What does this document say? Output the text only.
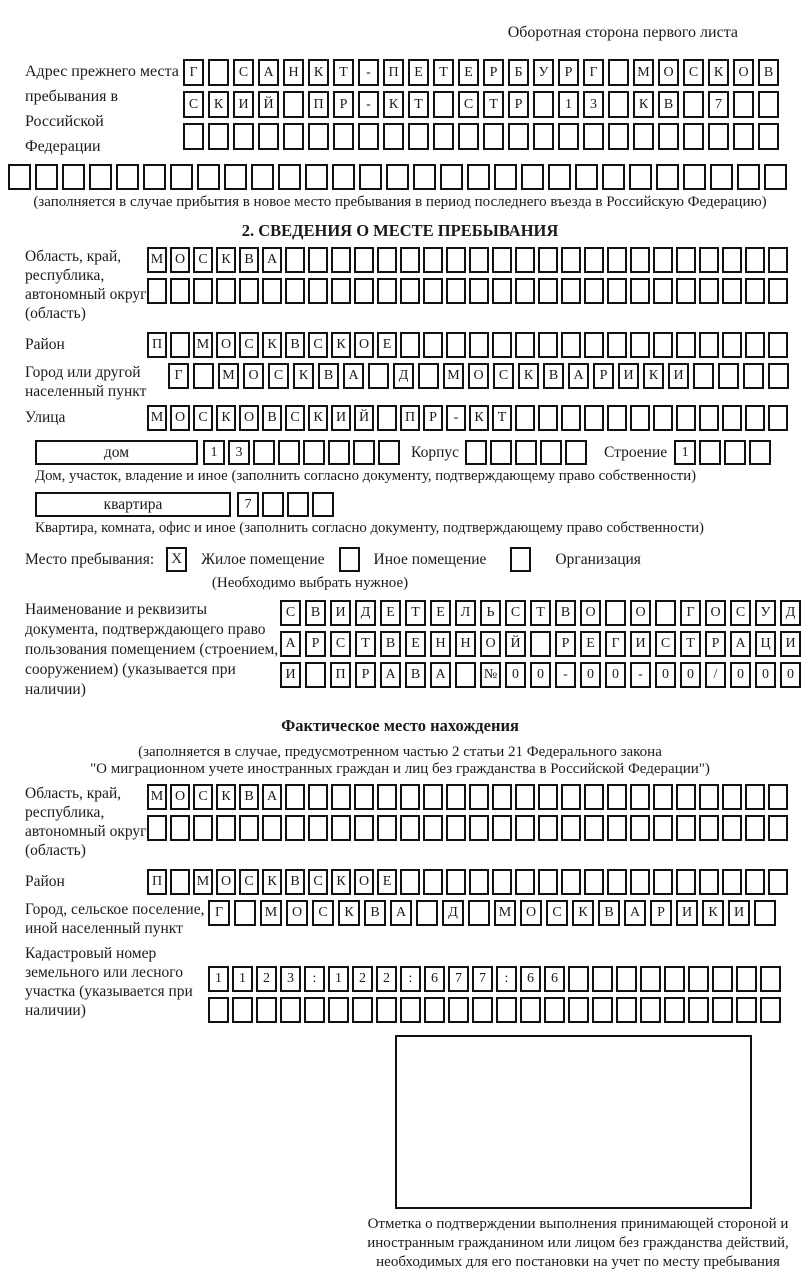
Оборотная сторона первого листа
Адрес прежнего места пребывания в Российской Федерации
Г	С	А	Н	К	Т	-	П	Е	Т	Е	Р	Б	У	Р	Г	М О	С	К	О	В
С	К	И	Й	П	Р	-	К	Т	С	Т	Р	1	3	К	В	7
(заполняется в случае прибытия в новое место пребывания в период последнего въезда в Российскую Федерацию)
2. СВЕДЕНИЯ О МЕСТЕ ПРЕБЫВАНИЯ
Область, край, республика, автономный округ (область)
М О С К В А
Район	П	М О С К В С К О Е
Город или другой населенный пункт
Г	М О	С	К	В	А	Д	М О	С	К	В	А	Р	И	К	И
Улица	М О С К О В С К И Й	П	Р	-	К	Т
дом	1	3	Корпус	Строение	1
Дом, участок, владение и иное (заполнить согласно документу, подтверждающему право собственности)
квартира	7
Квартира, комната, офис и иное (заполнить согласно документу, подтверждающему право собственности)
Место пребывания:	X	Жилое помещение	Иное помещение	Организация
(Необходимо выбрать нужное)
Наименование и реквизиты документа, подтверждающего право пользования помещением (строением, сооружением) (указывается при наличии)
С	В	И	Д	Е	Т	Е	Л	Ь	С	Т	В	О	О	Г	О	С	У	Д
А	Р	С	Т	В	Е	Н	Н	О	Й	Р	Е	Г	И	С	Т	Р	А	Ц	И
И	П	Р	А	В	А	№	0	0	-	0	0	-	0	0	/	0	0	0
Фактическое место нахождения
(заполняется в случае, предусмотренном частью 2 статьи 21 Федерального закона
"О миграционном учете иностранных граждан и лиц без гражданства в Российской Федерации")
Область, край, республика, автономный округ (область)
М О С К В А
Район	П	М О С К В С К О Е
Город, сельское поселение, иной населенный пункт
Г	М	О	С	К	В	А	Д	М	О	С	К	В	А	Р	И	К	И
Кадастровый номер земельного или лесного участка (указывается при наличии)
1	1	2	3	:	1	2	2	:	6	7	7	:	6	6
Отметка о подтверждении выполнения принимающей стороной и иностранным гражданином или лицом без гражданства действий, необходимых для его постановки на учет по месту пребывания
